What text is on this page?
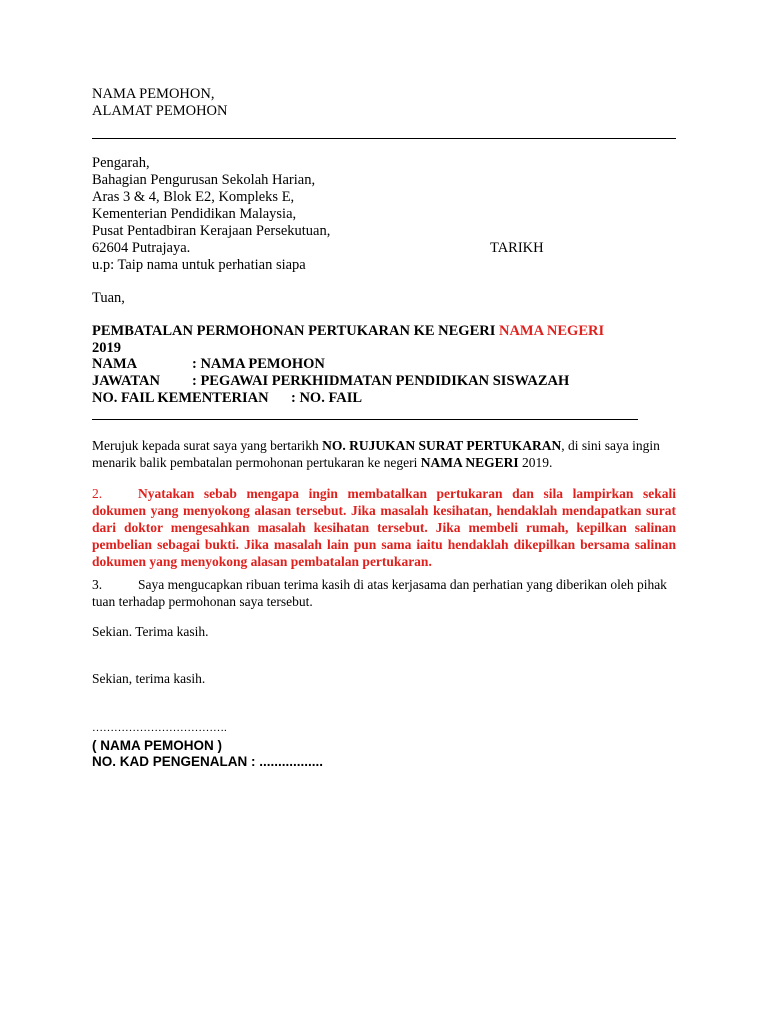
NAMA PEMOHON,
ALAMAT PEMOHON
Pengarah,
Bahagian Pengurusan Sekolah Harian,
Aras 3 & 4, Blok E2, Kompleks E,
Kementerian Pendidikan Malaysia,
Pusat Pentadbiran Kerajaan Persekutuan,
62604 Putrajaya.	TARIKH
u.p: Taip nama untuk perhatian siapa
Tuan,
PEMBATALAN PERMOHONAN PERTUKARAN KE NEGERI NAMA NEGERI
2019
NAMA	: NAMA PEMOHON
JAWATAN : PEGAWAI PERKHIDMATAN PENDIDIKAN SISWAZAH
NO. FAIL KEMENTERIAN : NO. FAIL
Merujuk kepada surat saya yang bertarikh NO. RUJUKAN SURAT PERTUKARAN, di sini saya ingin menarik balik pembatalan permohonan pertukaran ke negeri NAMA NEGERI 2019.
2.	Nyatakan sebab mengapa ingin membatalkan pertukaran dan sila lampirkan sekali dokumen yang menyokong alasan tersebut. Jika masalah kesihatan, hendaklah mendapatkan surat dari doktor mengesahkan masalah kesihatan tersebut. Jika membeli rumah, kepilkan salinan pembelian sebagai bukti. Jika masalah lain pun sama iaitu hendaklah dikepilkan bersama salinan dokumen yang menyokong alasan pembatalan pertukaran.
3.	Saya mengucapkan ribuan terima kasih di atas kerjasama dan perhatian yang diberikan oleh pihak tuan terhadap permohonan saya tersebut.
Sekian. Terima kasih.
Sekian, terima kasih.
……………………………….
( NAMA PEMOHON )
NO. KAD PENGENALAN : .................
